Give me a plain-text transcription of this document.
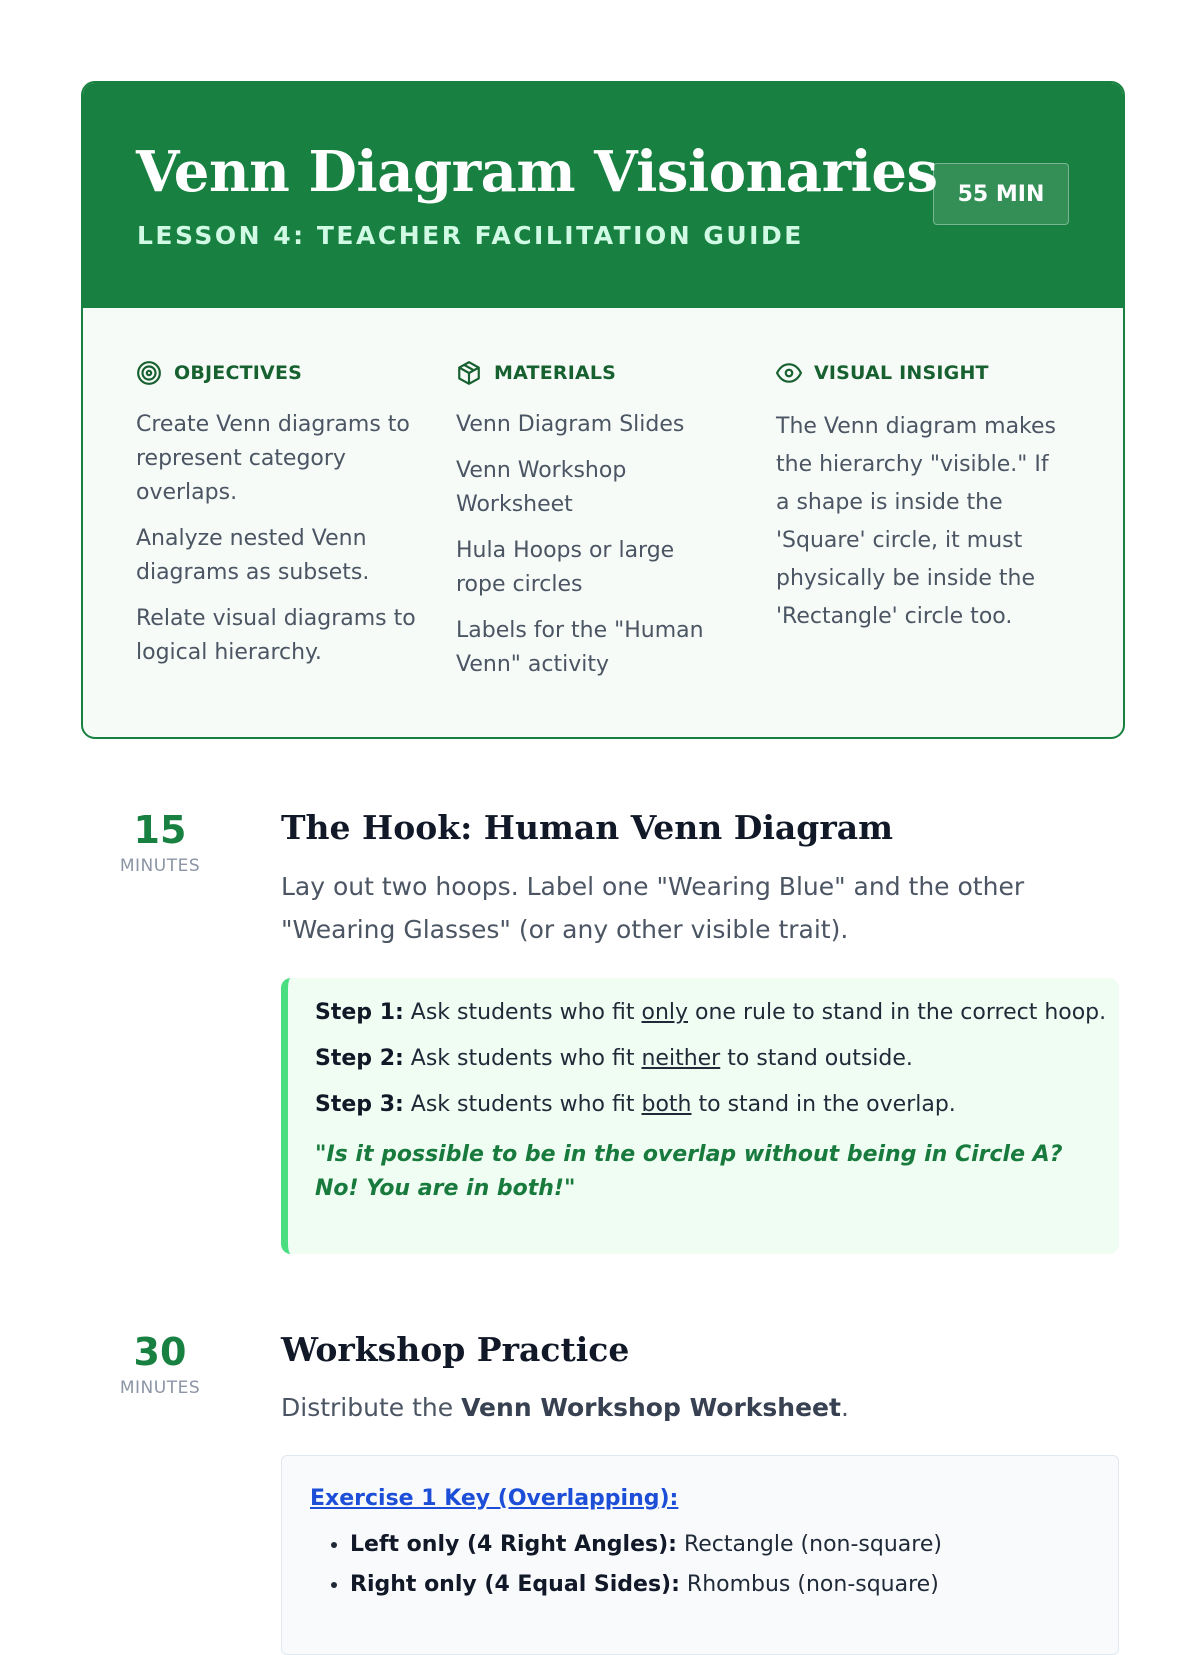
Venn Diagram Visionaries
LESSON 4: TEACHER FACILITATION GUIDE
55 MIN
OBJECTIVES
Create Venn diagrams to represent category overlaps.
Analyze nested Venn diagrams as subsets.
Relate visual diagrams to logical hierarchy.
MATERIALS
Venn Diagram Slides
Venn Workshop Worksheet
Hula Hoops or large rope circles
Labels for the "Human Venn" activity
VISUAL INSIGHT

The Venn diagram makes the hierarchy "visible." If a shape is inside the 'Square' circle, it must physically be inside the 'Rectangle' circle too.

15
MINUTES
The Hook: Human Venn Diagram

Lay out two hoops. Label one "Wearing Blue" and the other "Wearing Glasses" (or any other visible trait).

Step 1: Ask students who fit only one rule to stand in the correct hoop.
Step 2: Ask students who fit neither to stand outside.
Step 3: Ask students who fit both to stand in the overlap.
"Is it possible to be in the overlap without being in Circle A? No! You are in both!"
30
MINUTES
Workshop Practice

Distribute the Venn Workshop Worksheet.

Exercise 1 Key (Overlapping):
• Left only (4 Right Angles): Rectangle (non-square)
• Right only (4 Equal Sides): Rhombus (non-square)
